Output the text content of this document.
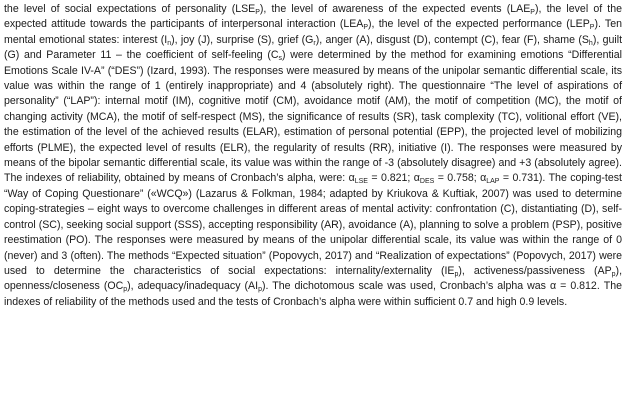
the level of social expectations of personality $(LSE_P)$, the level of awareness of the expected events $(LAE_P)$, the level of the expected attitude towards the participants of interpersonal interaction $(LEA_P)$, the level of the expected performance $(LEP_P)$. Ten mental emotional states: interest $(I_n)$, joy (J), surprise (S), grief $(G_r)$, anger (A), disgust (D), contempt (C), fear (F), shame $(S_h)$, guilt (G) and Parameter 11 – the coefficient of self-feeling $(C_s)$ were determined by the method for examining emotions “Differential Emotions Scale IV-A” (“DES”) (Izard, 1993). The responses were measured by means of the unipolar semantic differential scale, its value was within the range of 1 (entirely inappropriate) and 4 (absolutely right). The questionnaire “The level of aspirations of personality” (“LAP”): internal motif (IM), cognitive motif (CM), avoidance motif (AM), the motif of competition (MC), the motif of changing activity (MCA), the motif of self-respect (MS), the significance of results (SR), task complexity (TC), volitional effort (VE), the estimation of the level of the achieved results (ELAR), estimation of personal potential (EPP), the projected level of mobilizing efforts (PLME), the expected level of results (ELR), the regularity of results (RR), initiative (I). The responses were measured by means of the bipolar semantic differential scale, its value was within the range of -3 (absolutely disagree) and +3 (absolutely agree). The indexes of reliability, obtained by means of Cronbach’s alpha, were: $\alpha_{LSE} = 0.821$; $\alpha_{DES} = 0.758$; $\alpha_{LAP} = 0.731$). The coping-test “Way of Coping Questionare” («WCQ») (Lazarus & Folkman, 1984; adapted by Kriukova & Kuftiak, 2007) was used to determine coping-strategies – eight ways to overcome challenges in different areas of mental activity: confrontation (C), distantiating (D), self-control (SC), seeking social support (SSS), accepting responsibility (AR), avoidance (A), planning to solve a problem (PSP), positive reestimation (PO). The responses were measured by means of the unipolar differential scale, its value was within the range of 0 (never) and 3 (often). The methods “Expected situation” (Popovych, 2017) and “Realization of expectations” (Popovych, 2017) were used to determine the characteristics of social expectations: internality/externality $(IE_p)$, activeness/passiveness $(AP_p)$, openness/closeness $(OC_p)$, adequacy/inadequacy $(AI_p)$. The dichotomous scale was used, Cronbach’s alpha was α = 0.812. The indexes of reliability of the methods used and the tests of Cronbach’s alpha were within sufficient 0.7 and high 0.9 levels.
